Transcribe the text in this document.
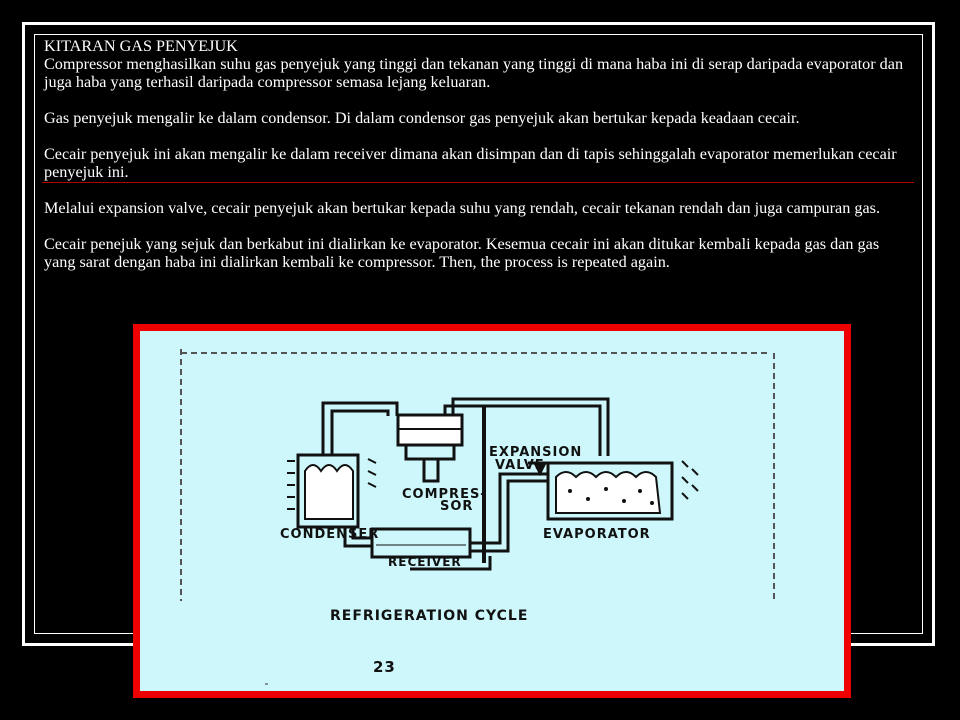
KITARAN GAS PENYEJUK

Compressor menghasilkan suhu gas penyejuk yang tinggi dan tekanan yang tinggi di mana haba ini di serap daripada evaporator dan juga haba yang terhasil daripada compressor semasa lejang keluaran.

Gas penyejuk mengalir ke dalam condensor. Di dalam condensor gas penyejuk akan bertukar kepada keadaan cecair.

Cecair penyejuk ini akan mengalir ke dalam receiver dimana akan disimpan dan di tapis sehinggalah evaporator memerlukan cecair penyejuk ini.

Melalui expansion valve, cecair penyejuk akan bertukar kepada suhu yang rendah, cecair tekanan rendah dan juga campuran gas.

Cecair penejuk yang sejuk dan berkabut ini dialirkan ke evaporator. Kesemua cecair ini akan ditukar kembali kepada gas dan gas yang sarat dengan haba ini dialirkan kembali ke compressor. Then, the process is repeated again.

EXPANSION
VALVE
COMPRES-
SOR
CONDENSER	EVAPORATOR
RECEIVER
REFRIGERATION CYCLE
23
